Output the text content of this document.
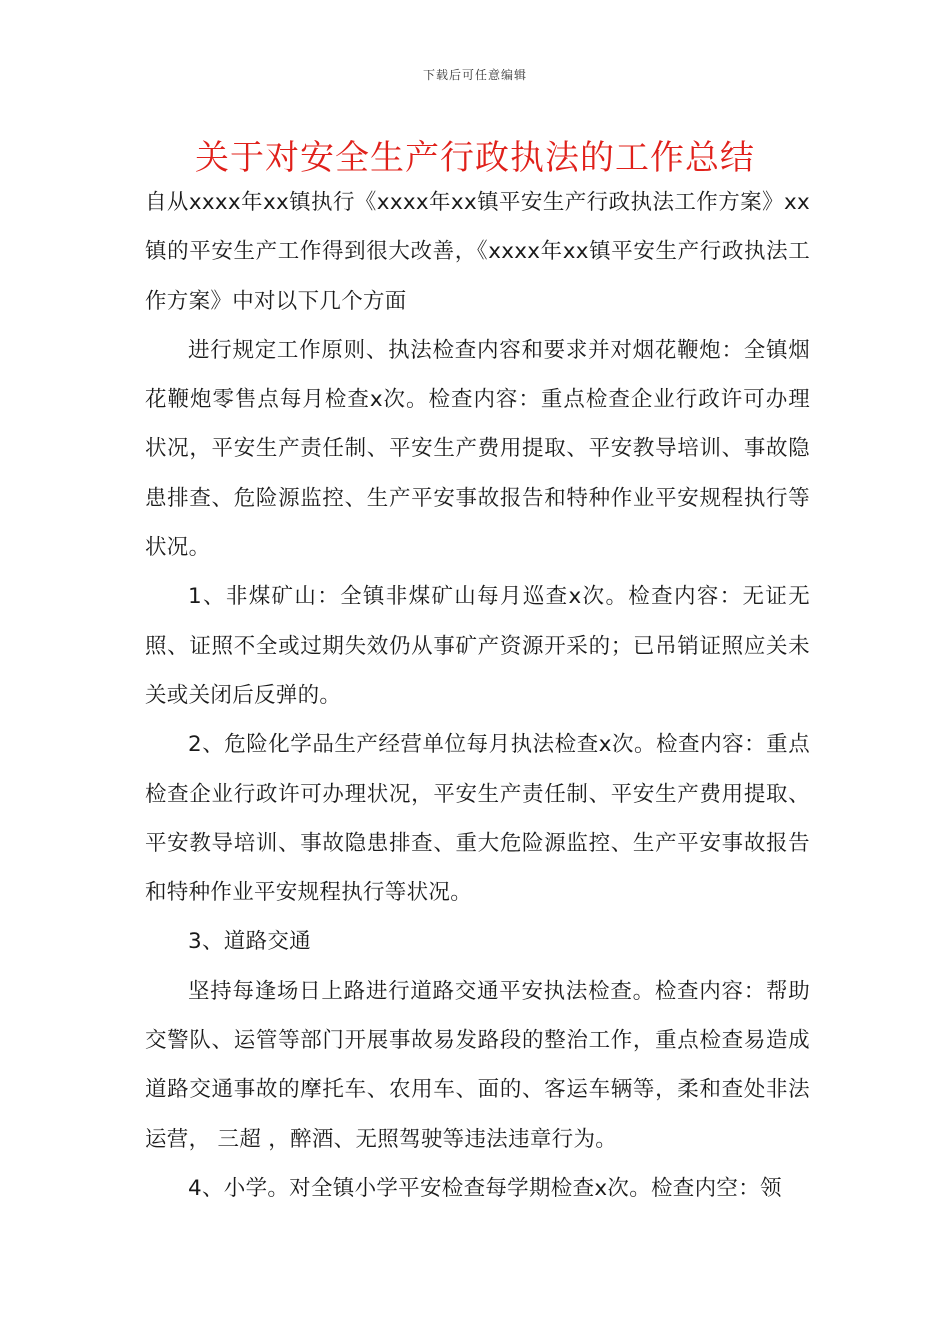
下载后可任意编辑
关于对安全生产行政执法的工作总结

自从xxxx年xx镇执行《xxxx年xx镇平安生产行政执法工作方案》xx镇的平安生产工作得到很大改善，《xxxx年xx镇平安生产行政执法工作方案》中对以下几个方面

进行规定工作原则、执法检查内容和要求并对烟花鞭炮：全镇烟花鞭炮零售点每月检查x次。检查内容：重点检查企业行政许可办理状况，平安生产责任制、平安生产费用提取、平安教导培训、事故隐患排查、危险源监控、生产平安事故报告和特种作业平安规程执行等状况。

1、非煤矿山：全镇非煤矿山每月巡查x次。检查内容：无证无照、证照不全或过期失效仍从事矿产资源开采的；已吊销证照应关未关或关闭后反弹的。

2、危险化学品生产经营单位每月执法检查x次。检查内容：重点检查企业行政许可办理状况，平安生产责任制、平安生产费用提取、平安教导培训、事故隐患排查、重大危险源监控、生产平安事故报告和特种作业平安规程执行等状况。

3、道路交通

坚持每逢场日上路进行道路交通平安执法检查。检查内容：帮助交警队、运管等部门开展事故易发路段的整治工作，重点检查易造成道路交通事故的摩托车、农用车、面的、客运车辆等，柔和查处非法运营， 三超 ，醉酒、无照驾驶等违法违章行为。

4、小学。对全镇小学平安检查每学期检查x次。检查内空：领
